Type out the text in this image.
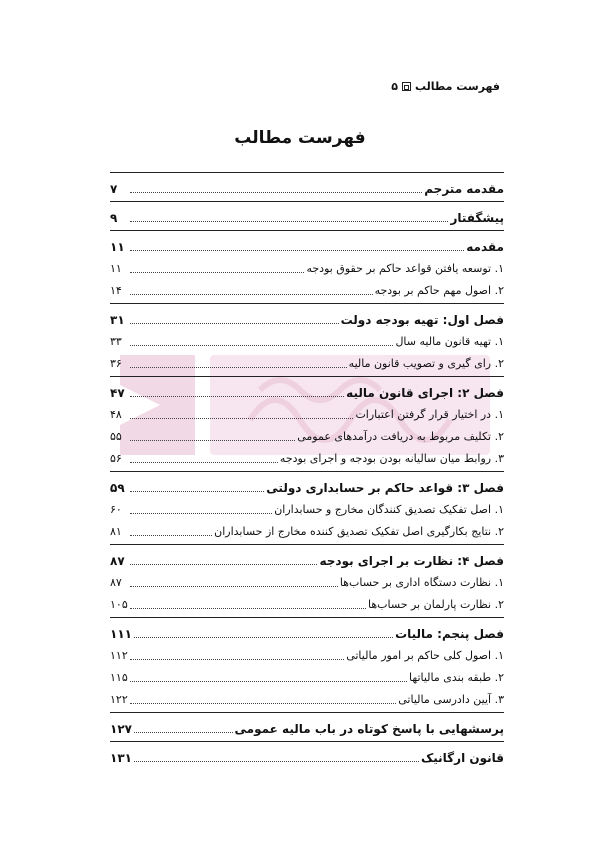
فهرست مطالب
۵
فهرست مطالب
مقدمه مترجم
۷
پیشگفتار
۹
مقدمه
۱۱
۱. توسعه یافتن قواعد حاکم بر حقوق بودجه
۱۱
۲. اصول مهم حاکم بر بودجه
۱۴
فصل اول: تهیه بودجه دولت
۳۱
۱. تهیه قانون مالیه سال
۳۳
۲. رای گیری و تصویب قانون مالیه
۳۶
فصل ۲: اجرای قانون مالیه
۴۷
۱. در اختیار قرار گرفتن اعتبارات
۴۸
۲. تکلیف مربوط به دریافت درآمدهای عمومی
۵۵
۳. روابط میان سالیانه بودن بودجه و اجرای بودجه
۵۶
فصل ۳: قواعد حاکم بر حسابداری دولتی
۵۹
۱. اصل تفکیک تصدیق کنندگان مخارج و حسابداران
۶۰
۲. نتایج بکارگیری اصل تفکیک تصدیق کننده مخارج از حسابداران
۸۱
فصل ۴: نظارت بر اجرای بودجه
۸۷
۱. نظارت دستگاه اداری بر حساب‌ها
۸۷
۲. نظارت پارلمان بر حساب‌ها
۱۰۵
فصل پنجم: مالیات
۱۱۱
۱. اصول کلی حاکم بر امور مالیاتی
۱۱۲
۲. طبقه بندی مالیاتها
۱۱۵
۳. آیین دادرسی مالیاتی
۱۲۲
پرسشهایی با پاسخ کوتاه در باب مالیه عمومی
۱۲۷
قانون ارگانیک
۱۳۱
